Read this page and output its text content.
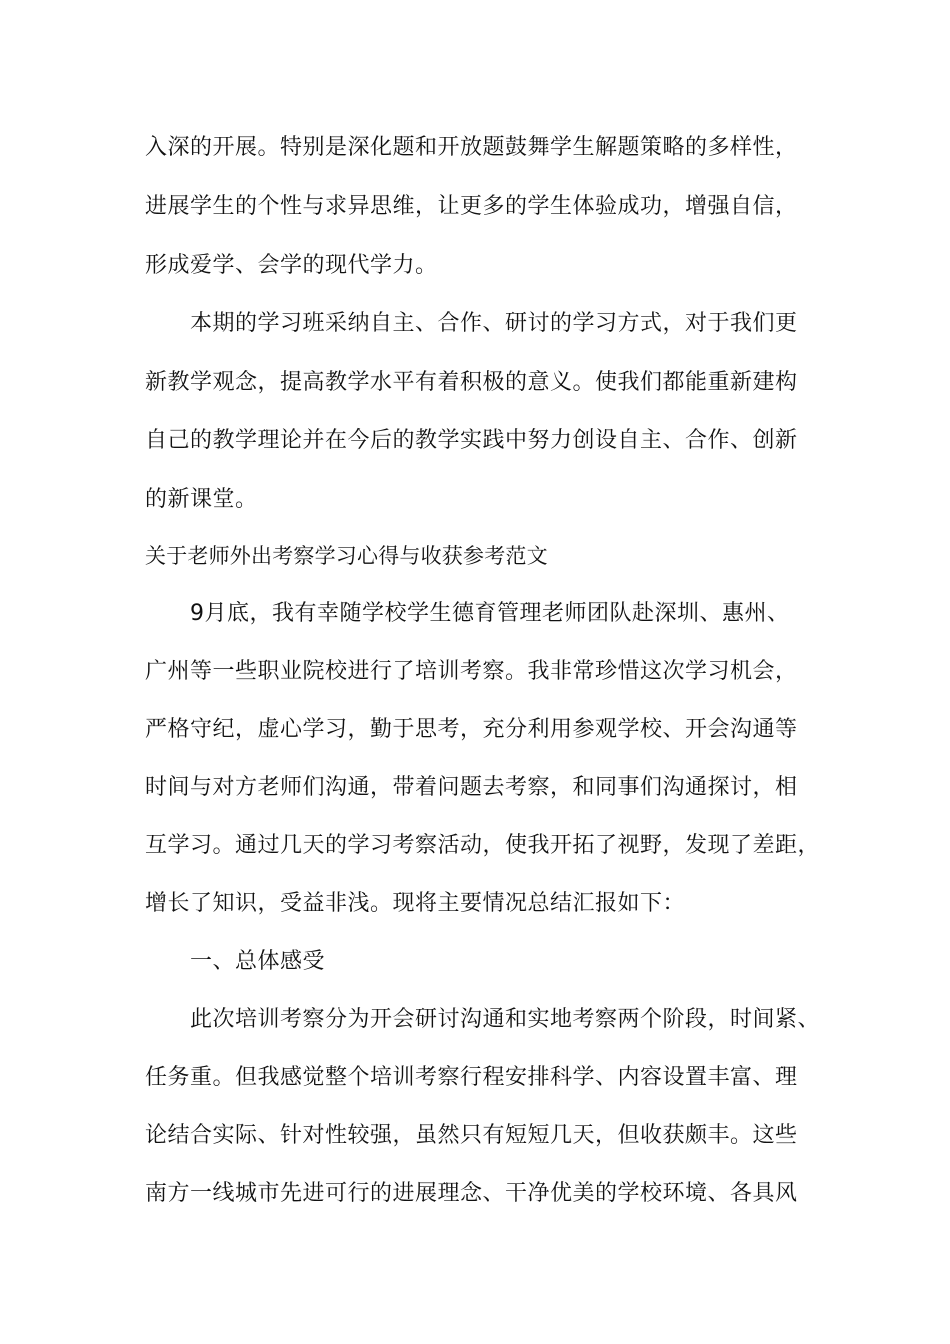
入深的开展。特别是深化题和开放题鼓舞学生解题策略的多样性，
进展学生的个性与求异思维，让更多的学生体验成功，增强自信，
形成爱学、会学的现代学力。
本期的学习班采纳自主、合作、研讨的学习方式，对于我们更
新教学观念，提高教学水平有着积极的意义。使我们都能重新建构
自己的教学理论并在今后的教学实践中努力创设自主、合作、创新
的新课堂。
关于老师外出考察学习心得与收获参考范文
9月底，我有幸随学校学生德育管理老师团队赴深圳、惠州、
广州等一些职业院校进行了培训考察。我非常珍惜这次学习机会，
严格守纪，虚心学习，勤于思考，充分利用参观学校、开会沟通等
时间与对方老师们沟通，带着问题去考察，和同事们沟通探讨，相
互学习。通过几天的学习考察活动，使我开拓了视野，发现了差距，
增长了知识，受益非浅。现将主要情况总结汇报如下：
一、总体感受
此次培训考察分为开会研讨沟通和实地考察两个阶段，时间紧、
任务重。但我感觉整个培训考察行程安排科学、内容设置丰富、理
论结合实际、针对性较强，虽然只有短短几天，但收获颇丰。这些
南方一线城市先进可行的进展理念、干净优美的学校环境、各具风
